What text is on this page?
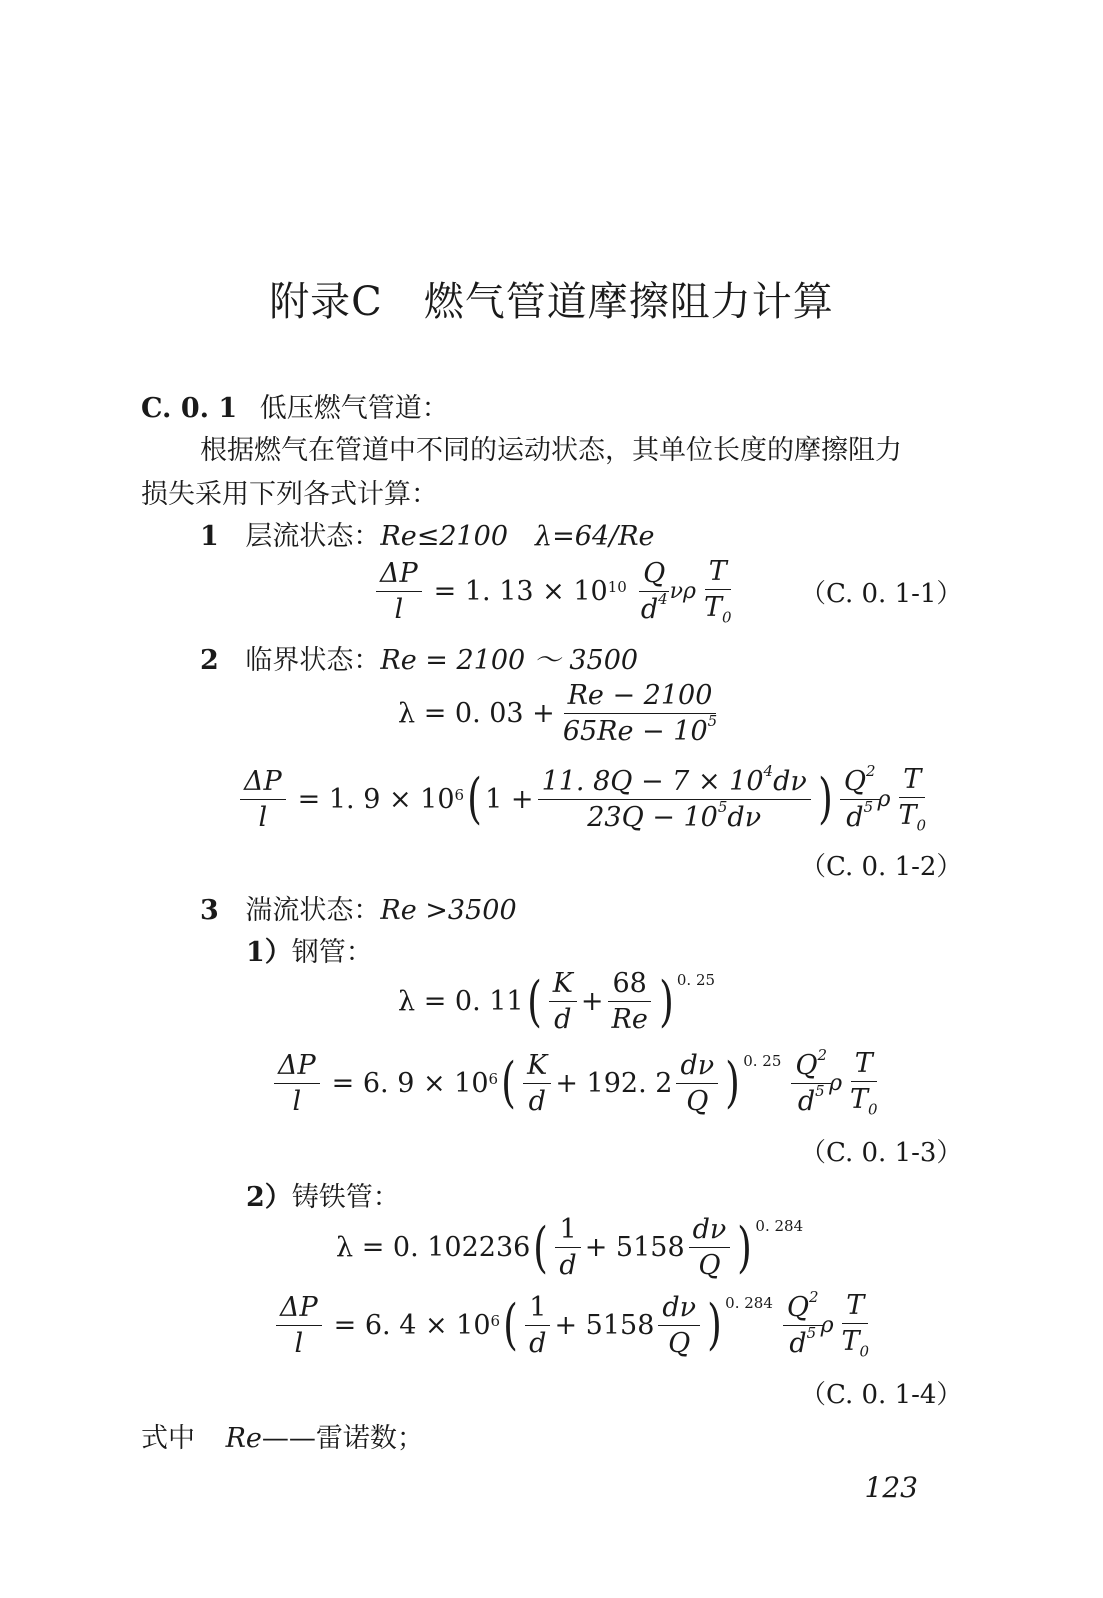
附录C　燃气管道摩擦阻力计算
C. 0. 1 低压燃气管道：
根据燃气在管道中不同的运动状态，其单位长度的摩擦阻力
损失采用下列各式计算：
1 层流状态：Re≤2100　λ=64/Re
$\frac{\Delta P}{l} = 1$. 13 × 10 $10 \frac{Q}{d^4}$
νρ $\frac{T}{T_0} (C$. 0. 1-1）
2 临界状态：Re = 2100 ～ 3500
λ = 0. $03 + \frac{Re - 2100}{65Re - 10^5}$
$\frac{\Delta P}{l} = 1$. 9 × 10 6 ( $1 + \frac{11. 8Q - 7 \times 10^4d\nu}{23Q - 10^5d\nu}$ ) $\frac{Q^2}{d^5}$
ρ $\frac{T}{T_0}$
（C. 0. 1-2）
3 湍流状态：Re >3500
1）钢管：
λ = 0. 11 ( $\frac{K}{d} + \frac{68}{Re}$ ) 0. 25
$\frac{\Delta P}{l} = 6$. 9 × 10 6 ( $\frac{K}{d} + 192$. $2 \frac{d\nu}{Q}$ ) 0. $25 \frac{Q^2}{d^5}$
ρ $\frac{T}{T_0}$
（C. 0. 1-3）
2）铸铁管：
λ = 0. 102236 ( $\frac{1}{d} + 5158 \frac{d\nu}{Q}$ ) 0. 284
$\frac{\Delta P}{l} = 6$. 4 × 10 6 ( $\frac{1}{d} + 5158 \frac{d\nu}{Q}$ ) 0. $284 \frac{Q^2}{d^5}$
ρ $\frac{T}{T_0}$
（C. 0. 1-4）
式中 Re——雷诺数；
123
